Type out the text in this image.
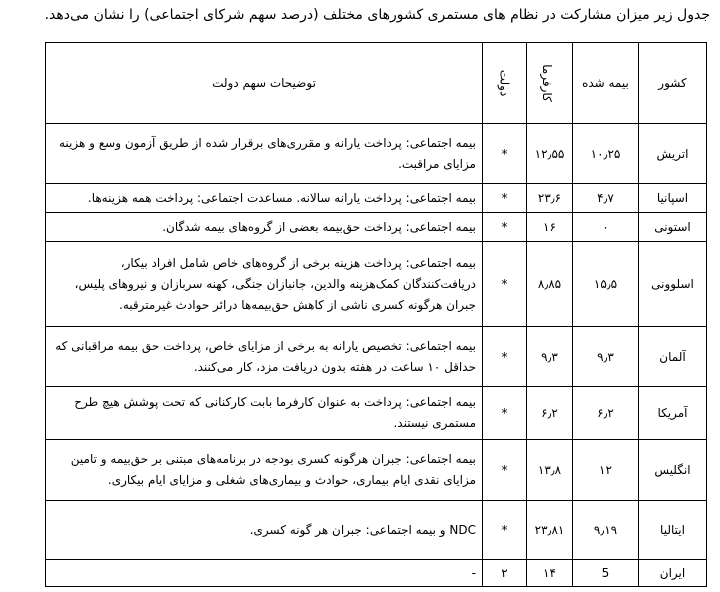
جدول زیر میزان مشارکت در نظام های مستمری کشورهای مختلف (درصد سهم شرکای اجتماعی) را نشان می‌دهد.
کشور	بیمه شده	کارفرما	دولت	توضیحات سهم دولت
اتریش	۱۰٫۲۵	۱۲٫۵۵	*	بیمه اجتماعی: پرداخت یارانه و مقرری‌های برقرار شده از طریق آزمون وسع و هزینه مزایای مراقبت.

اسپانیا	۴٫۷	۲۳٫۶	*	بیمه اجتماعی: پرداخت یارانه سالانه. مساعدت اجتماعی: پرداخت همه هزینه‌ها.

استونی	۰	۱۶	*	بیمه اجتماعی: پرداخت حق‌بیمه بعضی از گروه‌های بیمه شدگان.

اسلوونی	۱۵٫۵	۸٫۸۵	*	بیمه اجتماعی: پرداخت هزینه برخی از گروه‌های خاص شامل افراد بیکار، دریافت‌کنندگان کمک‌هزینه والدین، جانبازان جنگی، کهنه سربازان و نیروهای پلیس، جبران هرگونه کسری ناشی از کاهش حق‌بیمه‌ها درائر حوادث غیرمترقبه.

آلمان	۹٫۳	۹٫۳	*	بیمه اجتماعی: تخصیص یارانه به برخی از مزایای خاص، پرداخت حق بیمه مراقبانی که حداقل ۱۰ ساعت در هفته بدون دریافت مزد، کار می‌کنند.

آمریکا	۶٫۲	۶٫۲	*	بیمه اجتماعی: پرداخت به عنوان کارفرما بابت کارکنانی که تحت پوشش هیچ طرح مستمری نیستند.

انگلیس	۱۲	۱۳٫۸	*	بیمه اجتماعی: جبران هرگونه کسری بودجه در برنامه‌های مبتنی بر حق‌بیمه و تامین مزایای نقدی ایام بیماری، حوادث و بیماری‌های شغلی و مزایای ایام بیکاری.

ایتالیا	۹٫۱۹	۲۳٫۸۱	*	NDC و بیمه اجتماعی: جبران هر گونه کسری.

ایران	5	۱۴	۲	-
